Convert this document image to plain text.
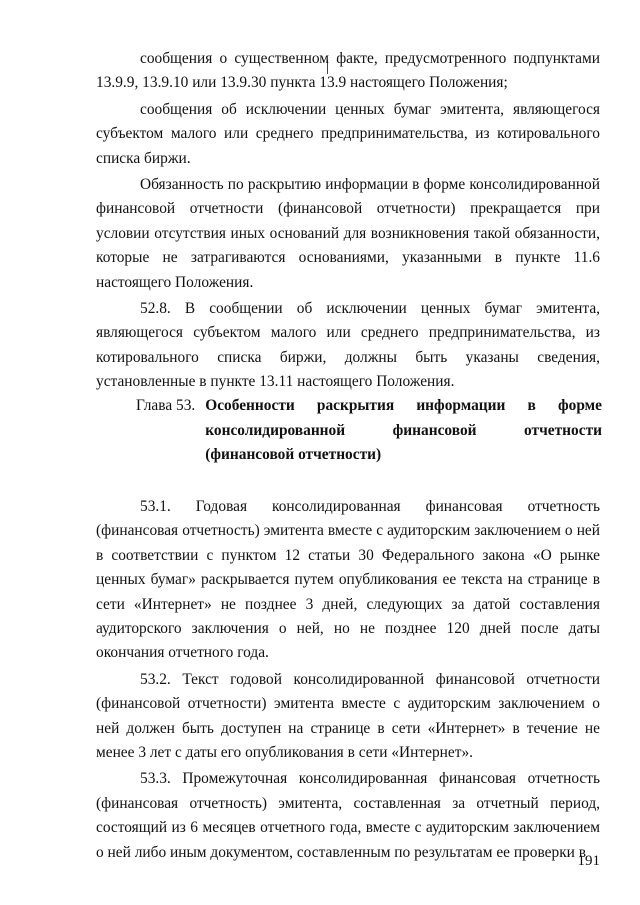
сообщения о существенном факте, предусмотренного подпунктами 13.9.9, 13.9.10 или 13.9.30 пункта 13.9 настоящего Положения;

сообщения об исключении ценных бумаг эмитента, являющегося субъектом малого или среднего предпринимательства, из котировального списка биржи.

Обязанность по раскрытию информации в форме консолидированной финансовой отчетности (финансовой отчетности) прекращается при условии отсутствия иных оснований для возникновения такой обязанности, которые не затрагиваются основаниями, указанными в пункте 11.6 настоящего Положения.

52.8. В сообщении об исключении ценных бумаг эмитента, являющегося субъектом малого или среднего предпринимательства, из котировального списка биржи, должны быть указаны сведения, установленные в пункте 13.11 настоящего Положения.

Глава 53. Особенности раскрытия информации в форме консолидированной финансовой отчетности (финансовой отчетности)

53.1. Годовая консолидированная финансовая отчетность (финансовая отчетность) эмитента вместе с аудиторским заключением о ней в соответствии с пунктом 12 статьи 30 Федерального закона «О рынке ценных бумаг» раскрывается путем опубликования ее текста на странице в сети «Интернет» не позднее 3 дней, следующих за датой составления аудиторского заключения о ней, но не позднее 120 дней после даты окончания отчетного года.

53.2. Текст годовой консолидированной финансовой отчетности (финансовой отчетности) эмитента вместе с аудиторским заключением о ней должен быть доступен на странице в сети «Интернет» в течение не менее 3 лет с даты его опубликования в сети «Интернет».

53.3. Промежуточная консолидированная финансовая отчетность (финансовая отчетность) эмитента, составленная за отчетный период, состоящий из 6 месяцев отчетного года, вместе с аудиторским заключением о ней либо иным документом, составленным по результатам ее проверки в

191
